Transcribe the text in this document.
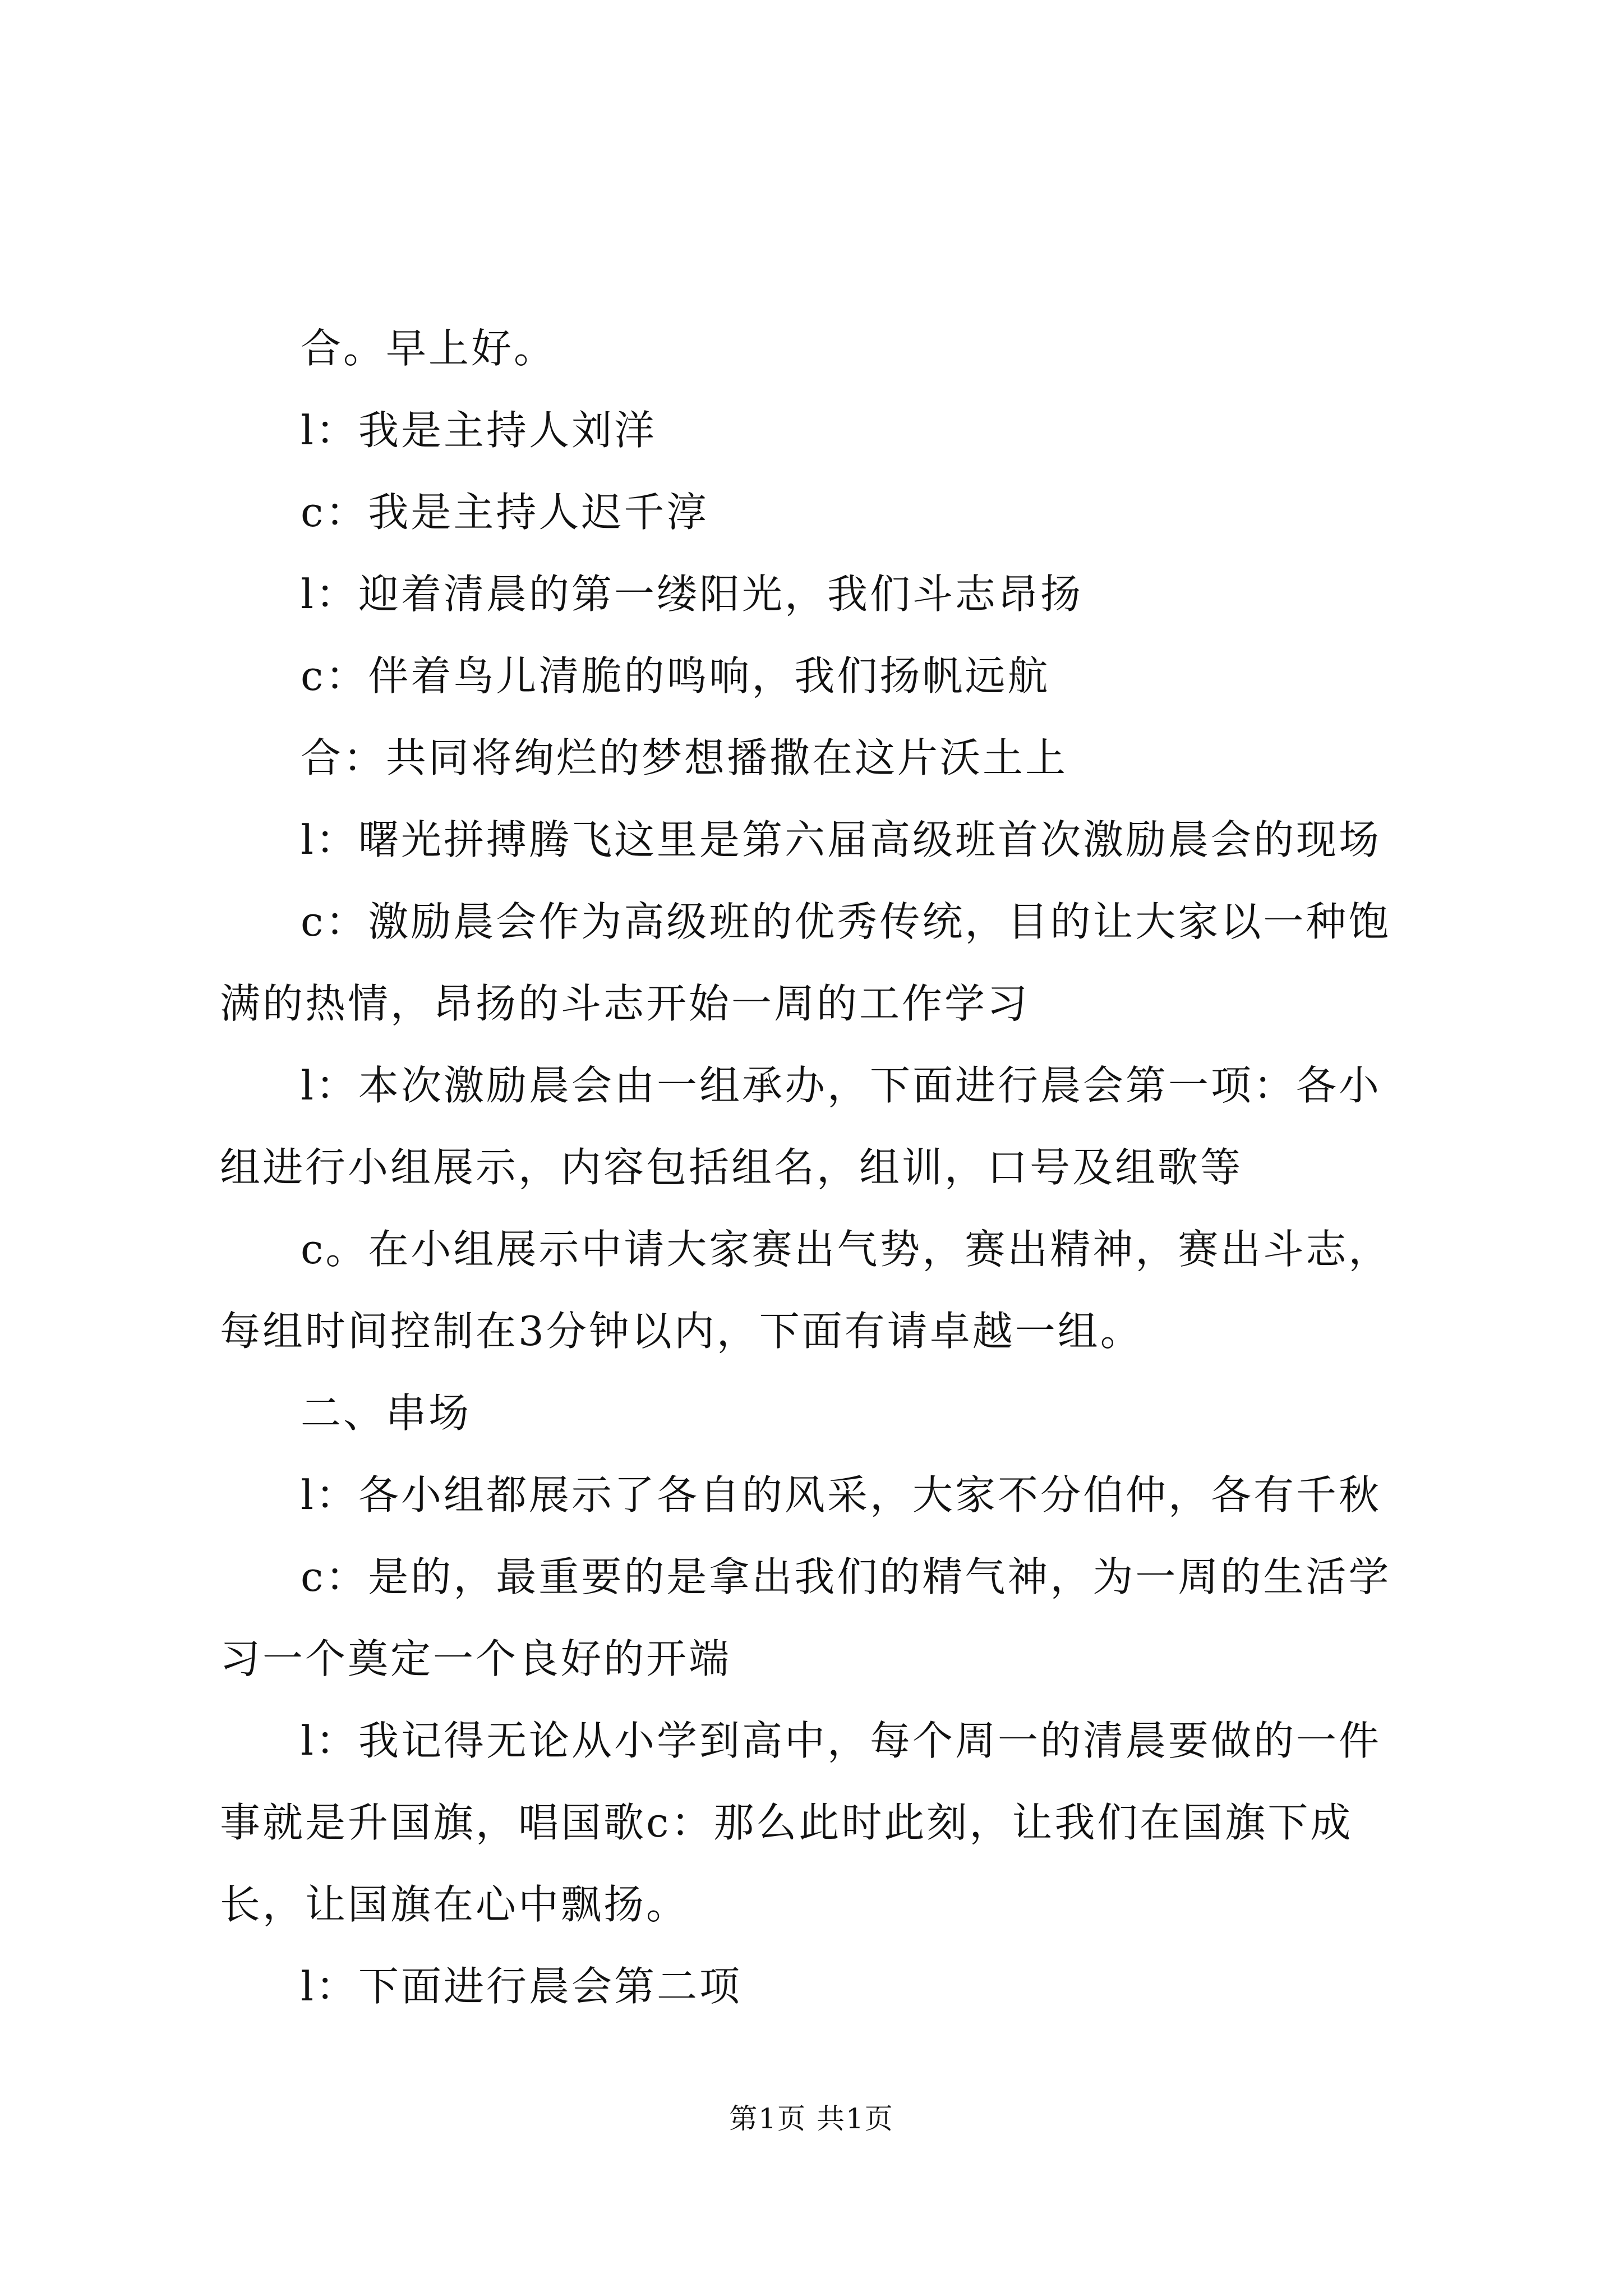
合。早上好。

l：我是主持人刘洋

c：我是主持人迟千淳

l：迎着清晨的第一缕阳光，我们斗志昂扬

c：伴着鸟儿清脆的鸣响，我们扬帆远航

合：共同将绚烂的梦想播撒在这片沃土上

l：曙光拼搏腾飞这里是第六届高级班首次激励晨会的现场

c：激励晨会作为高级班的优秀传统，目的让大家以一种饱满的热情，昂扬的斗志开始一周的工作学习

l：本次激励晨会由一组承办，下面进行晨会第一项：各小组进行小组展示，内容包括组名，组训，口号及组歌等

c。在小组展示中请大家赛出气势，赛出精神，赛出斗志，每组时间控制在3分钟以内，下面有请卓越一组。

二、串场

l：各小组都展示了各自的风采，大家不分伯仲，各有千秋

c：是的，最重要的是拿出我们的精气神，为一周的生活学习一个奠定一个良好的开端

l：我记得无论从小学到高中，每个周一的清晨要做的一件事就是升国旗，唱国歌c：那么此时此刻，让我们在国旗下成长，让国旗在心中飘扬。

l：下面进行晨会第二项

第1页 共1页
